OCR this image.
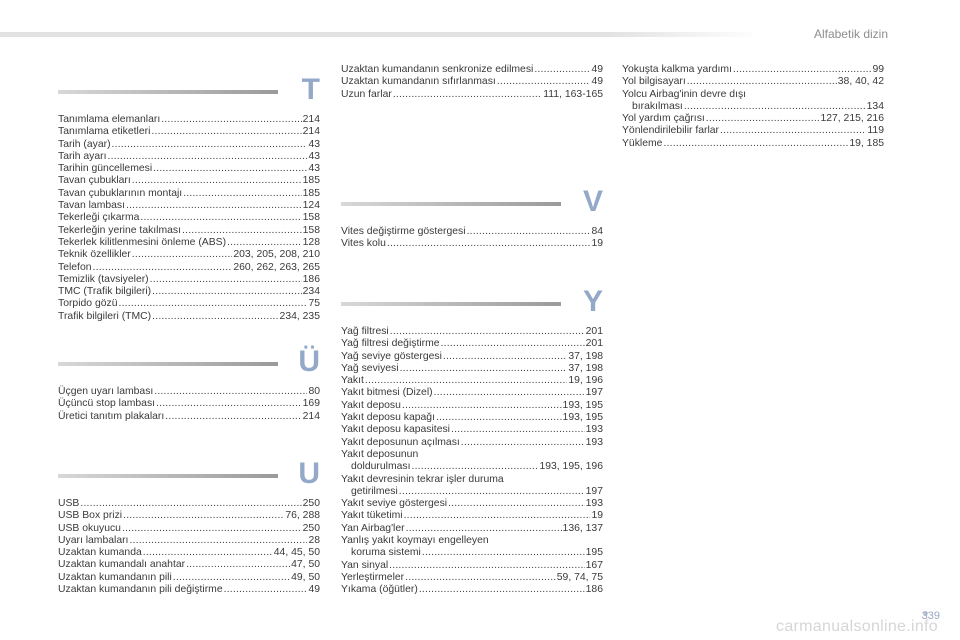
Alfabetik dizin
T
Tanımlama elemanları .....	214
Tanımlama etiketleri .....	214
Tarih (ayar) .....	43
Tarih ayarı .....	43
Tarihin güncellemesi .....	43
Tavan çubukları .....	185
Tavan çubuklarının montajı .....	185
Tavan lambası .....	124
Tekerleği çıkarma .....	158
Tekerleğin yerine takılması .....	158
Tekerlek kilitlenmesini önleme (ABS) .....	128
Teknik özellikler .....	203, 205, 208, 210
Telefon .....	260, 262, 263, 265
Temizlik (tavsiyeler) .....	186
TMC (Trafik bilgileri) .....	234
Torpido gözü .....	75
Trafik bilgileri (TMC) .....	234, 235
Ü
Üçgen uyarı lambası .....	80
Üçüncü stop lambası .....	169
Üretici tanıtım plakaları .....	214
U
USB .....	250
USB Box prizi .....	76, 288
USB okuyucu .....	250
Uyarı lambaları .....	28
Uzaktan kumanda .....	44, 45, 50
Uzaktan kumandalı anahtar .....	47, 50
Uzaktan kumandanın pili .....	49, 50
Uzaktan kumandanın pili değiştirme .....	49
Uzaktan kumandanın senkronize edilmesi .....	49
Uzaktan kumandanın sıfırlanması .....	49
Uzun farlar .....	111, 163-165
V
Vites değiştirme göstergesi .....	84
Vites kolu .....	19
Y
Yağ filtresi .....	201
Yağ filtresi değiştirme .....	201
Yağ seviye göstergesi .....	37, 198
Yağ seviyesi .....	37, 198
Yakıt .....	19, 196
Yakıt bitmesi (Dizel) .....	197
Yakıt deposu .....	193, 195
Yakıt deposu kapağı .....	193, 195
Yakıt deposu kapasitesi .....	193
Yakıt deposunun açılması .....	193
Yakıt deposunun
doldurulması .....	193, 195, 196
Yakıt devresinin tekrar işler duruma
getirilmesi .....	197
Yakıt seviye göstergesi .....	193
Yakıt tüketimi .....	19
Yan Airbag'ler .....	136, 137
Yanlış yakıt koymayı engelleyen
koruma sistemi .....	195
Yan sinyal .....	167
Yerleştirmeler .....	59, 74, 75
Yıkama (öğütler) .....	186
Yokuşta kalkma yardımı .....	99
Yol bilgisayarı .....	38, 40, 42
Yolcu Airbag'inin devre dışı
bırakılması .....	134
Yol yardım çağrısı .....	127, 215, 216
Yönlendirilebilir farlar .....	119
Yükleme .....	19, 185
339
carmanualsonline.info
